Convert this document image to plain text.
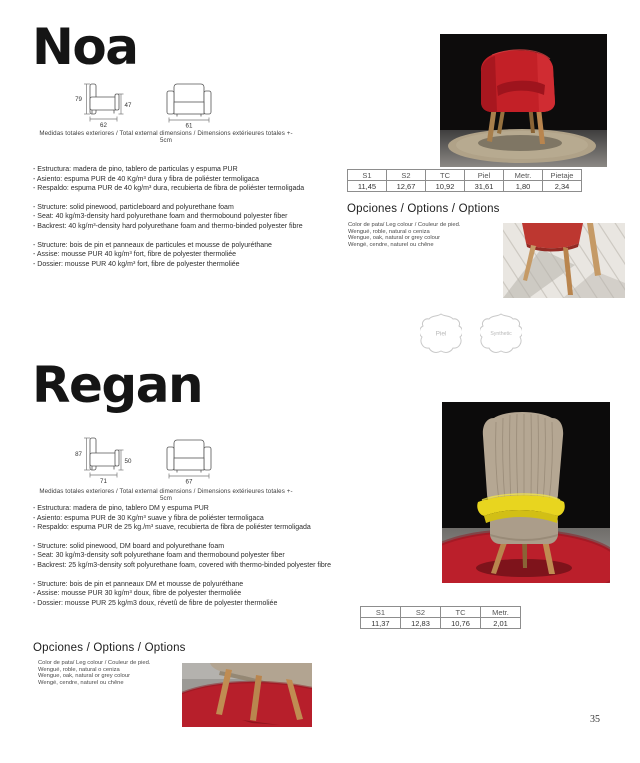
Noa
79
47
62	61
Medidas totales exteriores / Total external dimensions / Dimensions extérieures totales +- 5cm
S1	S2	TC	Piel	Metr.	Pietaje
11,45	12,67	10,92	31,61	1,80	2,34
- Estructura: madera de pino, tablero de particulas y espuma PUR
- Asiento: espuma PUR de 40 Kg/m³ dura y fibra de poliéster termoligaca
- Respaldo: espuma PUR de 40 kg/m³ dura, recubierta de fibra de poliéster termoligada
- Structure: solid pinewood, particleboard and polyurethane foam
- Seat: 40 kg/m3-density hard polyurethane foam and thermobound polyester fiber
- Backrest: 40 kg/m³-density hard polyurethane foam and thermo-binded polyester fibre
- Structure: bois de pin et panneaux de particules et mousse de polyuréthane
- Assise: mousse PUR 40 kg/m³ fort, fibre de polyester thermoliée
- Dossier: mousse PUR 40 kg/m³ fort, fibre de polyester thermoliée
Opciones / Options / Options
Color de pata/ Leg colour / Couleur de pied.
Wengué, roble, natural o ceniza
Wengue, oak, natural or grey colour
Wengé, cendre, naturel ou chêne
Piel	Synthetic
Regan
87
50
71	67
Medidas totales exteriores / Total external dimensions / Dimensions extérieures totales +- 5cm
- Estructura: madera de pino, tablero DM y espuma PUR
- Asiento: espuma PUR de 30 Kg/m³ suave y fibra de poliéster termoligaca
- Respaldo: espuma PUR de 25 kg./m³ suave, recubierta de fibra de poliéster termoligada
- Structure: solid pinewood, DM board and polyurethane foam
- Seat: 30 kg/m3-density soft polyurethane foam and thermobound polyester fiber
- Backrest: 25 kg/m3-density soft polyurethane foam, covered with thermo-binded polyester fibre
- Structure: bois de pin et panneaux DM et mousse de polyuréthane
- Assise: mousse PUR 30 kg/m³ doux, fibre de polyester thermoliée
- Dossier: mousse PUR 25 kg/m3 doux, révetû de fibre de polyester thermoliée
S1	S2	TC	Metr.
11,37	12,83	10,76	2,01
Opciones / Options / Options
Color de pata/ Leg colour / Couleur de pied.
Wengué, roble, natural o ceniza
Wengue, oak, natural or grey colour
Wengé, cendre, naturel ou chêne
35
